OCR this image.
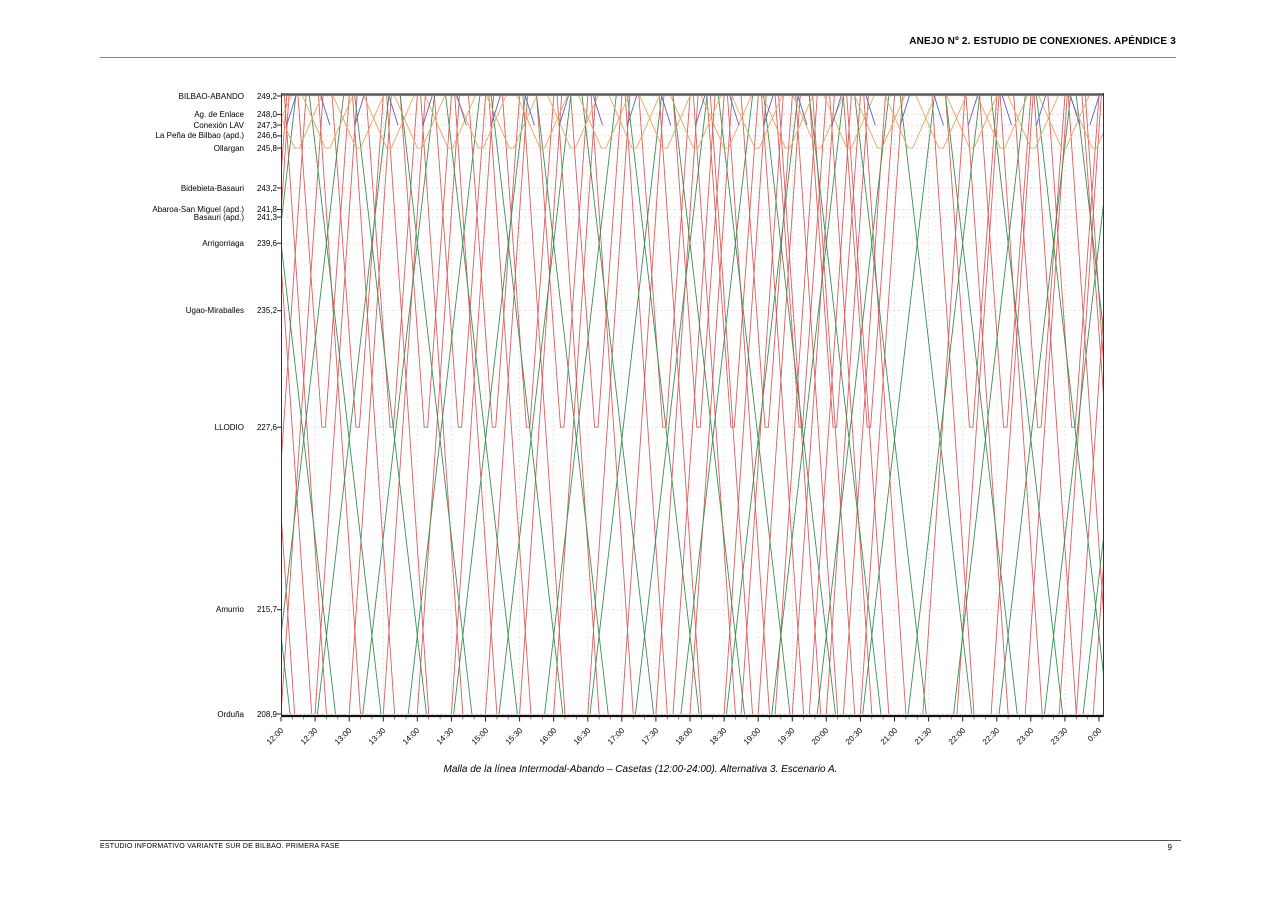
ANEJO Nº 2. ESTUDIO DE CONEXIONES. APÉNDICE 3
BILBAO-ABANDO	249,2
Ag. de Enlace	248,0
Conexión LAV	247,3
La Peña de Bilbao (apd.)	246,6
Ollargan	245,8
Bidebieta-Basauri	243,2
Abaroa-San Miguel (apd.)	241,8
Basauri (apd.)	241,3
Arrigorriaga	239,6
Ugao-Miraballes	235,2
LLODIO	227,6
Amurrio	215,7
Orduña	208,9
12:00	12:30	13:00	13:30	14:00	14:30	15:00	15:30	16:00	16:30	17:00	17:30	18:00	18:30	19:00	19:30	20:00	20:30	21:00	21:30	22:00	22:30	23:00	23:30	0:00
Malla de la línea Intermodal-Abando – Casetas (12:00-24:00). Alternativa 3. Escenario A.
ESTUDIO INFORMATIVO VARIANTE SUR DE BILBAO. PRIMERA FASE	9
